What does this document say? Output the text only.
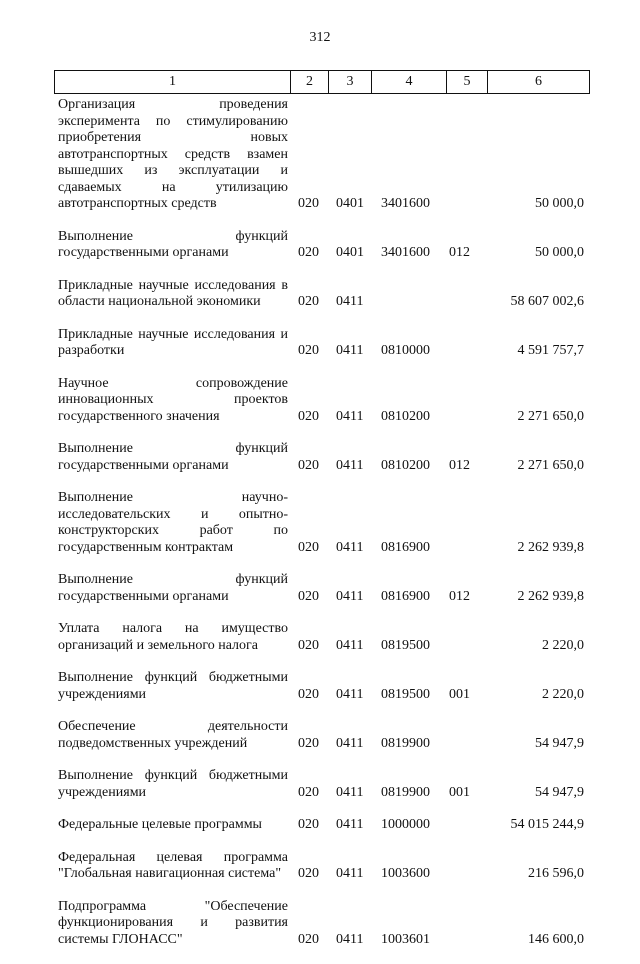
312
1	2	3	4	5	6
Организация проведения эксперимента по стимулированию приобретения новых автотранспортных средств взамен вышедших из эксплуатации и сдаваемых на утилизацию автотранспортных средств	020 0401 3401600	50 000,0
Выполнение функций государственными органами	020 0401 3401600 012	50 000,0
Прикладные научные исследования в области национальной экономики	020 0411	58 607 002,6
Прикладные научные исследования и разработки	020 0411 0810000	4 591 757,7
Научное сопровождение инновационных проектов государственного значения	020 0411 0810200	2 271 650,0
Выполнение функций государственными органами	020 0411 0810200 012	2 271 650,0
Выполнение научно-исследовательских и опытно-конструкторских работ по государственным контрактам	020 0411 0816900	2 262 939,8
Выполнение функций государственными органами	020 0411 0816900 012	2 262 939,8
Уплата налога на имущество организаций и земельного налога	020 0411 0819500	2 220,0
Выполнение функций бюджетными учреждениями	020 0411 0819500 001	2 220,0
Обеспечение деятельности подведомственных учреждений	020 0411 0819900	54 947,9
Выполнение функций бюджетными учреждениями	020 0411 0819900 001	54 947,9
Федеральные целевые программы	020 0411 1000000	54 015 244,9
Федеральная целевая программа "Глобальная навигационная система"	020 0411 1003600	216 596,0
Подпрограмма "Обеспечение функционирования и развития системы ГЛОНАСС"	020 0411 1003601	146 600,0
